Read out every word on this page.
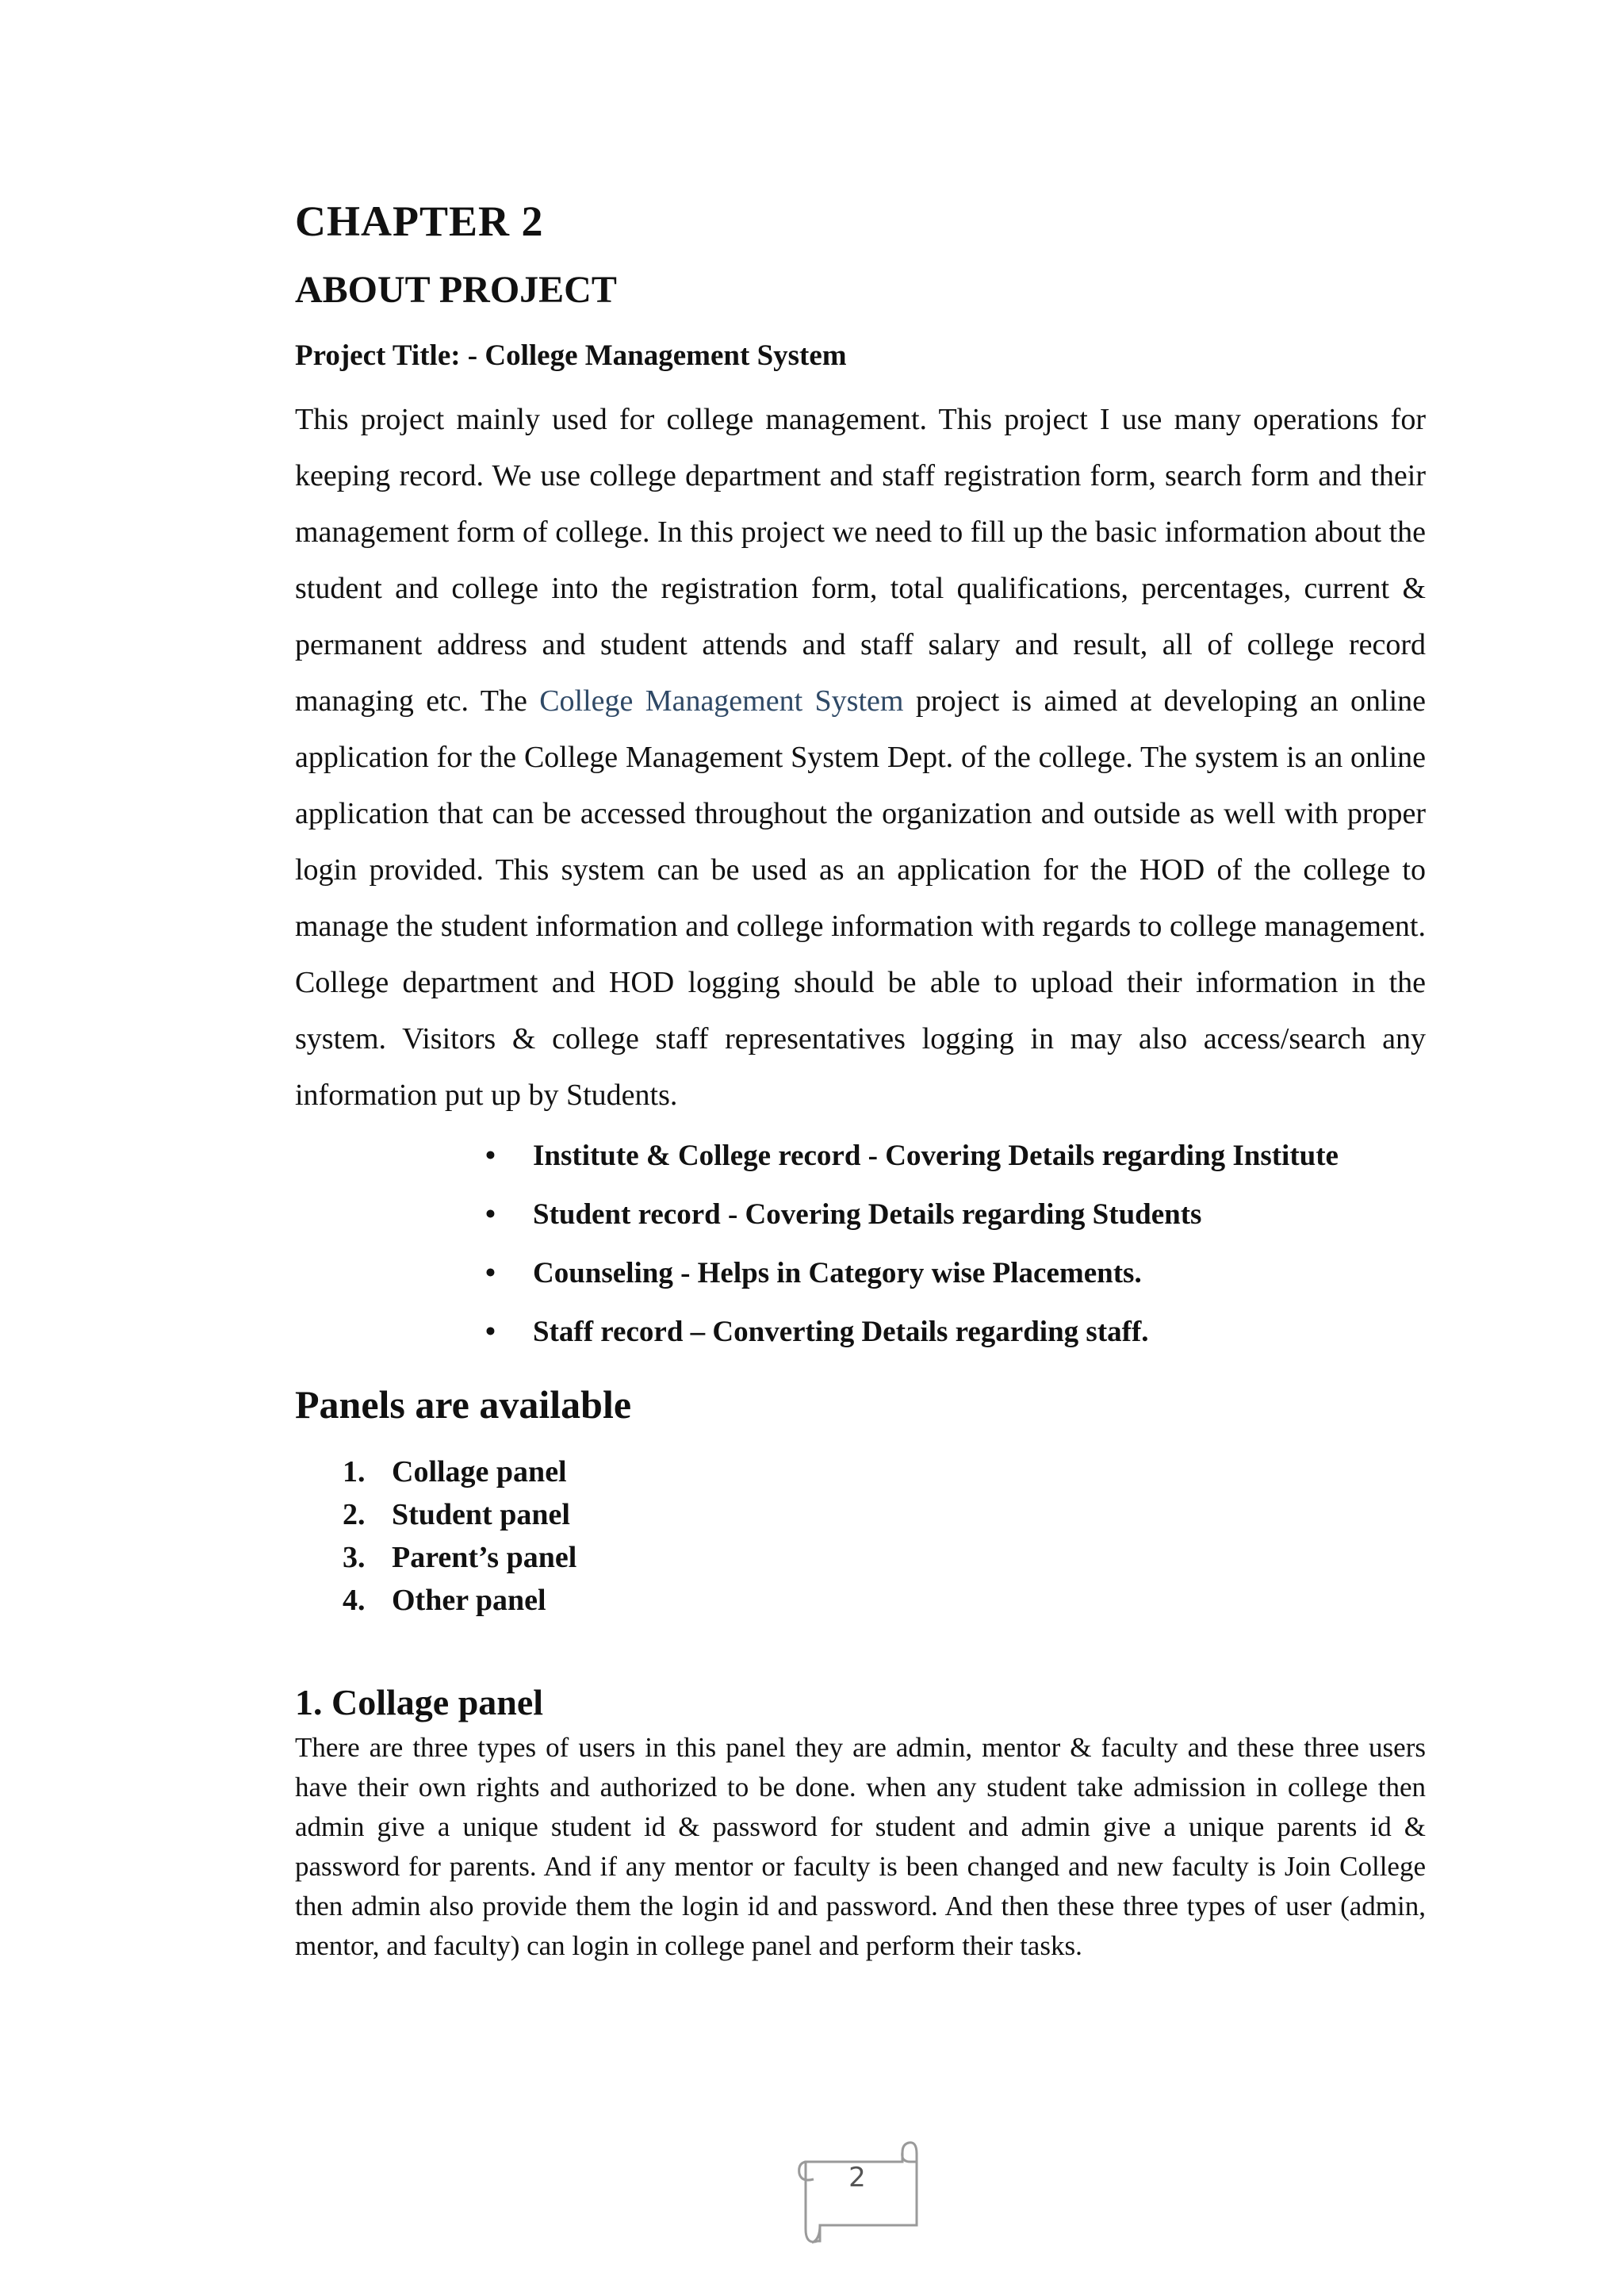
CHAPTER 2
ABOUT PROJECT
Project Title: - College Management System

This project mainly used for college management. This project I use many operations for keeping record. We use college department and staff registration form, search form and their management form of college. In this project we need to fill up the basic information about the student and college into the registration form, total qualifications, percentages, current & permanent address and student attends and staff salary and result, all of college record managing etc. The College Management System project is aimed at developing an online application for the College Management System Dept. of the college. The system is an online application that can be accessed throughout the organization and outside as well with proper login provided. This system can be used as an application for the HOD of the college to manage the student information and college information with regards to college management. College department and HOD logging should be able to upload their information in the system. Visitors & college staff representatives logging in may also access/search any information put up by Students.

• Institute & College record - Covering Details regarding Institute
• Student record - Covering Details regarding Students
• Counseling - Helps in Category wise Placements.
• Staff record – Converting Details regarding staff.
Panels are available
1. Collage panel
2. Student panel
3. Parent’s panel
4. Other panel
1. Collage panel

There are three types of users in this panel they are admin, mentor & faculty and these three users have their own rights and authorized to be done. when any student take admission in college then admin give a unique student id & password for student and admin give a unique parents id & password for parents. And if any mentor or faculty is been changed and new faculty is Join College then admin also provide them the login id and password. And then these three types of user (admin, mentor, and faculty) can login in college panel and perform their tasks.

2
